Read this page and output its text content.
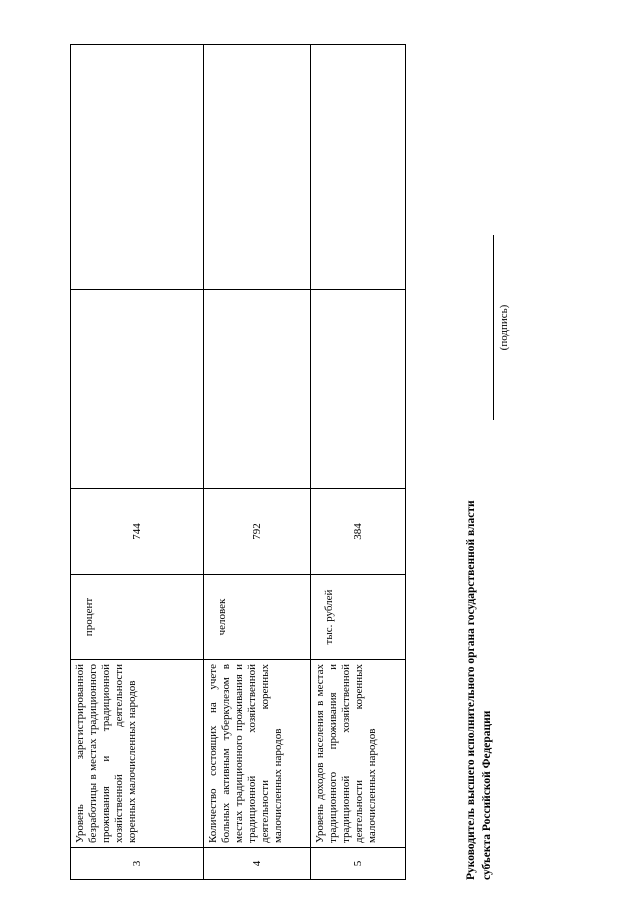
3	Уровень зарегистрированной безработицы в местах традиционного проживания и традиционной хозяйственной деятельности коренных малочисленных народов	процент	744		
4	Количество состоящих на учете больных активным туберкулезом в местах традиционного проживания и традиционной хозяйственной деятельности коренных малочисленных народов	человек	792		
5	Уровень доходов населения в местах традиционного проживания и традиционной хозяйственной деятельности коренных малочисленных народов	тыс. рублей	384			Руководитель высшего исполнительного органа государственной власти субъекта Российской Федерации
(подпись)
